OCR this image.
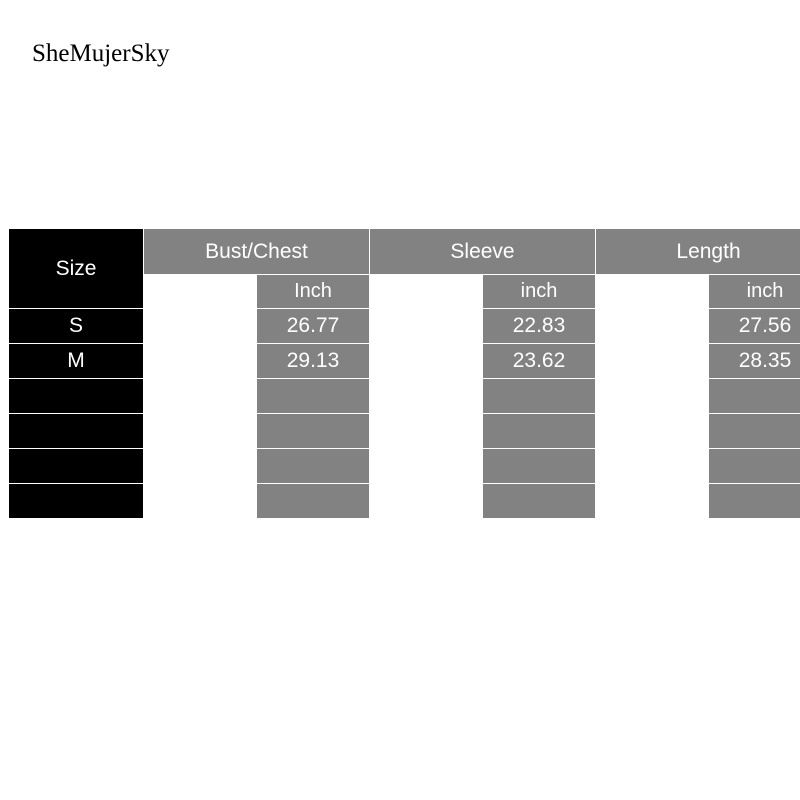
SheMujerSky
Size	Bust/Chest		Sleeve		Length	
	cm	Inch	cm	inch	cm	inch
S	68	26.77	58	22.83	70	27.56
M	74	29.13	60	23.62	72	28.35
